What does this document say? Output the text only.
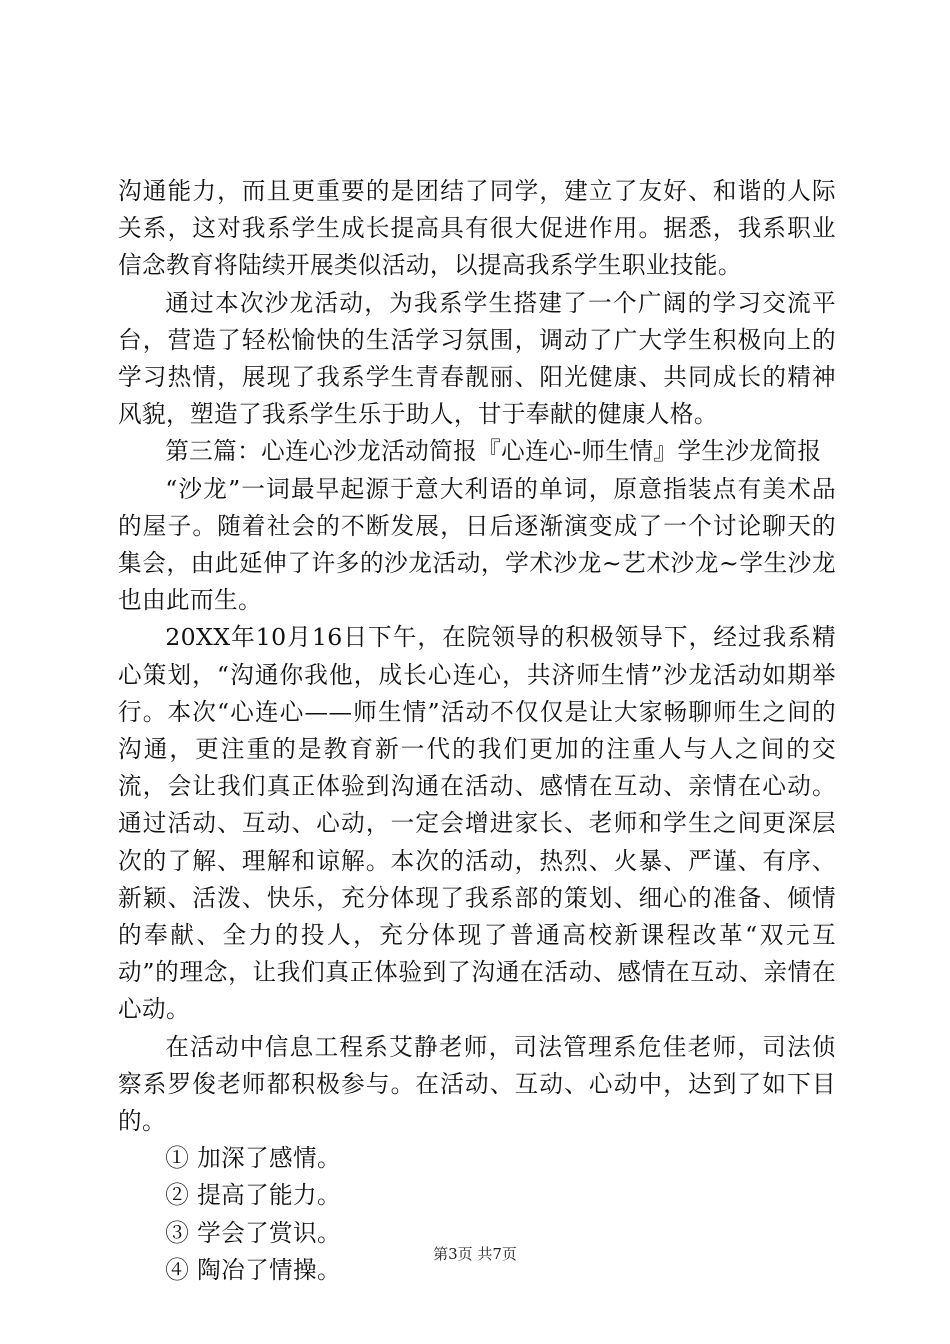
沟通能力，而且更重要的是团结了同学，建立了友好、和谐的人际关系，这对我系学生成长提高具有很大促进作用。据悉，我系职业信念教育将陆续开展类似活动，以提高我系学生职业技能。

通过本次沙龙活动，为我系学生搭建了一个广阔的学习交流平台，营造了轻松愉快的生活学习氛围，调动了广大学生积极向上的学习热情，展现了我系学生青春靓丽、阳光健康、共同成长的精神风貌，塑造了我系学生乐于助人，甘于奉献的健康人格。

第三篇：心连心沙龙活动简报『心连心-师生情』学生沙龙简报

“沙龙”一词最早起源于意大利语的单词，原意指装点有美术品的屋子。随着社会的不断发展，日后逐渐演变成了一个讨论聊天的集会，由此延伸了许多的沙龙活动，学术沙龙~艺术沙龙~学生沙龙也由此而生。

20XX年10月16日下午，在院领导的积极领导下，经过我系精心策划，“沟通你我他，成长心连心，共济师生情”沙龙活动如期举行。本次“心连心——师生情”活动不仅仅是让大家畅聊师生之间的沟通，更注重的是教育新一代的我们更加的注重人与人之间的交流，会让我们真正体验到沟通在活动、感情在互动、亲情在心动。通过活动、互动、心动，一定会增进家长、老师和学生之间更深层次的了解、理解和谅解。本次的活动，热烈、火暴、严谨、有序、新颖、活泼、快乐，充分体现了我系部的策划、细心的准备、倾情的奉献、全力的投人，充分体现了普通高校新课程改革“双元互动”的理念，让我们真正体验到了沟通在活动、感情在互动、亲情在心动。

在活动中信息工程系艾静老师，司法管理系危佳老师，司法侦察系罗俊老师都积极参与。在活动、互动、心动中，达到了如下目的。

① 加深了感情。

② 提高了能力。

③ 学会了赏识。

④ 陶冶了情操。

第3页 共7页
